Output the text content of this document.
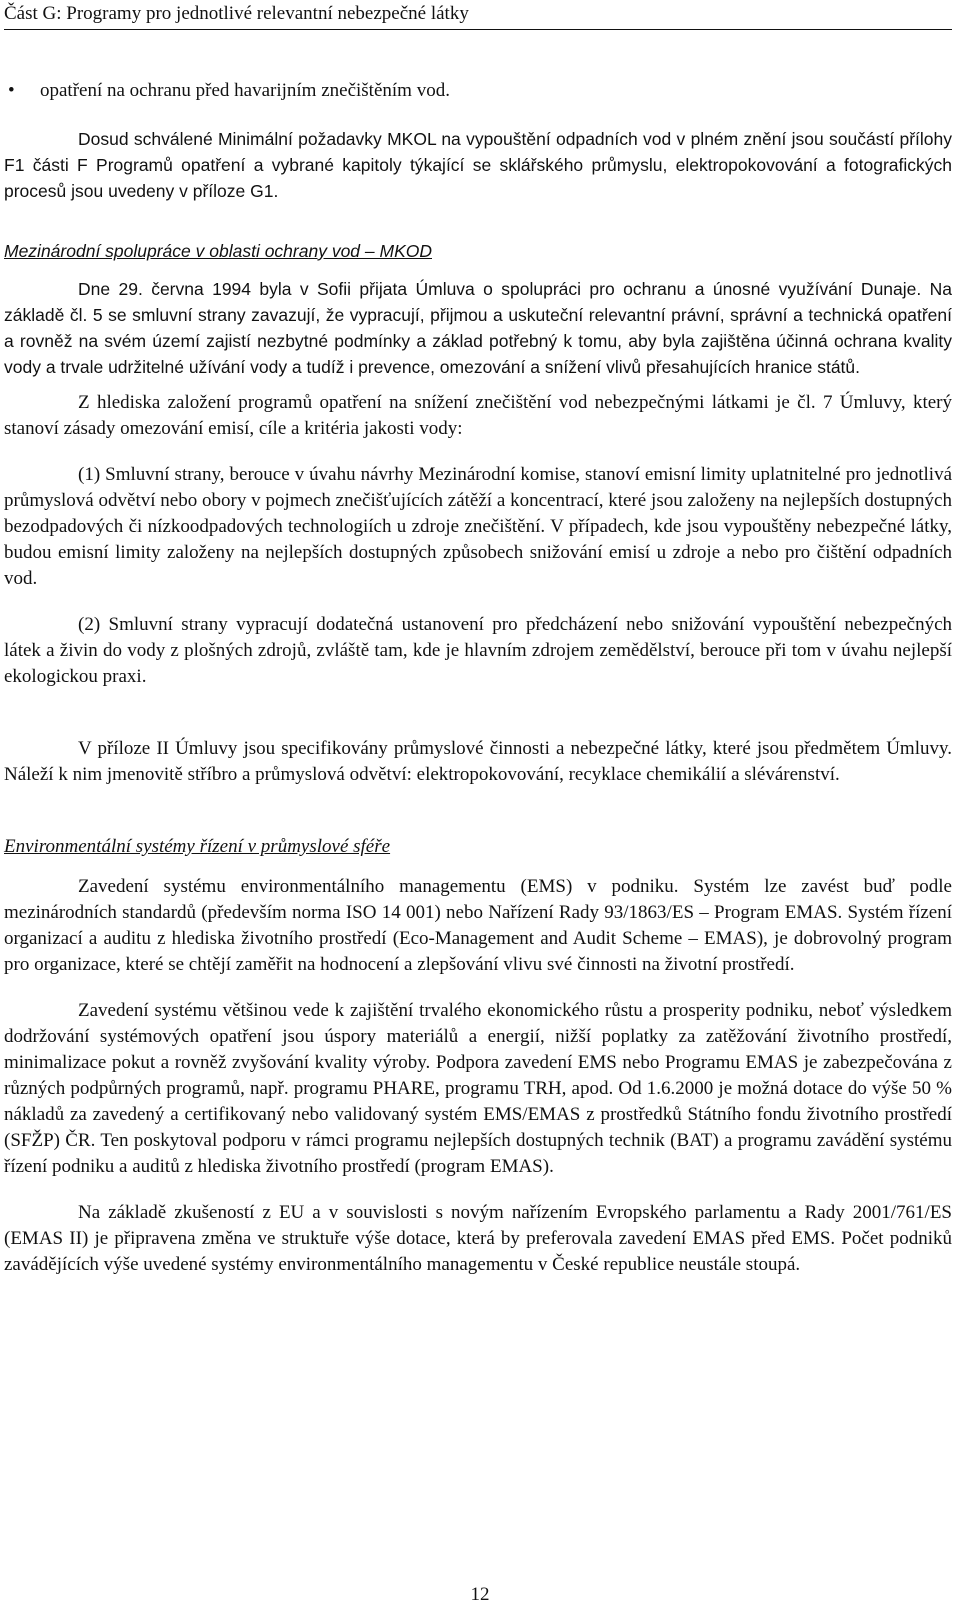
Část G: Programy pro jednotlivé relevantní nebezpečné látky

• opatření na ochranu před havarijním znečištěním vod.

Dosud schválené Minimální požadavky MKOL na vypouštění odpadních vod v plném znění jsou součástí přílohy F1 části F Programů opatření a vybrané kapitoly týkající se sklářského průmyslu, elektropokovování a fotografických procesů jsou uvedeny v příloze G1.

Mezinárodní spolupráce v oblasti ochrany vod – MKOD

Dne 29. června 1994 byla v Sofii přijata Úmluva o spolupráci pro ochranu a únosné využívání Dunaje. Na základě čl. 5 se smluvní strany zavazují, že vypracují, přijmou a uskuteční relevantní právní, správní a technická opatření a rovněž na svém území zajistí nezbytné podmínky a základ potřebný k tomu, aby byla zajištěna účinná ochrana kvality vody a trvale udržitelné užívání vody a tudíž i prevence, omezování a snížení vlivů přesahujících hranice států.

Z hlediska založení programů opatření na snížení znečištění vod nebezpečnými látkami je čl. 7 Úmluvy, který stanoví zásady omezování emisí, cíle a kritéria jakosti vody:

(1) Smluvní strany, berouce v úvahu návrhy Mezinárodní komise, stanoví emisní limity uplatnitelné pro jednotlivá průmyslová odvětví nebo obory v pojmech znečišťujících zátěží a koncentrací, které jsou založeny na nejlepších dostupných bezodpadových či nízkoodpadových technologiích u zdroje znečištění. V případech, kde jsou vypouštěny nebezpečné látky, budou emisní limity založeny na nejlepších dostupných způsobech snižování emisí u zdroje a nebo pro čištění odpadních vod.

(2) Smluvní strany vypracují dodatečná ustanovení pro předcházení nebo snižování vypouštění nebezpečných látek a živin do vody z plošných zdrojů, zvláště tam, kde je hlavním zdrojem zemědělství, berouce při tom v úvahu nejlepší ekologickou praxi.

V příloze II Úmluvy jsou specifikovány průmyslové činnosti a nebezpečné látky, které jsou předmětem Úmluvy. Náleží k nim jmenovitě stříbro a průmyslová odvětví: elektropokovování, recyklace chemikálií a slévárenství.

Environmentální systémy řízení v průmyslové sféře

Zavedení systému environmentálního managementu (EMS) v podniku. Systém lze zavést buď podle mezinárodních standardů (především norma ISO 14 001) nebo Nařízení Rady 93/1863/ES – Program EMAS. Systém řízení organizací a auditu z hlediska životního prostředí (Eco-Management and Audit Scheme – EMAS), je dobrovolný program pro organizace, které se chtějí zaměřit na hodnocení a zlepšování vlivu své činnosti na životní prostředí.

Zavedení systému většinou vede k zajištění trvalého ekonomického růstu a prosperity podniku, neboť výsledkem dodržování systémových opatření jsou úspory materiálů a energií, nižší poplatky za zatěžování životního prostředí, minimalizace pokut a rovněž zvyšování kvality výroby. Podpora zavedení EMS nebo Programu EMAS je zabezpečována z různých podpůrných programů, např. programu PHARE, programu TRH, apod. Od 1.6.2000 je možná dotace do výše 50 % nákladů za zavedený a certifikovaný nebo validovaný systém EMS/EMAS z prostředků Státního fondu životního prostředí (SFŽP) ČR. Ten poskytoval podporu v rámci programu nejlepších dostupných technik (BAT) a programu zavádění systému řízení podniku a auditů z hlediska životního prostředí (program EMAS).

Na základě zkušeností z EU a v souvislosti s novým nařízením Evropského parlamentu a Rady 2001/761/ES (EMAS II) je připravena změna ve struktuře výše dotace, která by preferovala zavedení EMAS před EMS. Počet podniků zavádějících výše uvedené systémy environmentálního managementu v České republice neustále stoupá.

12
